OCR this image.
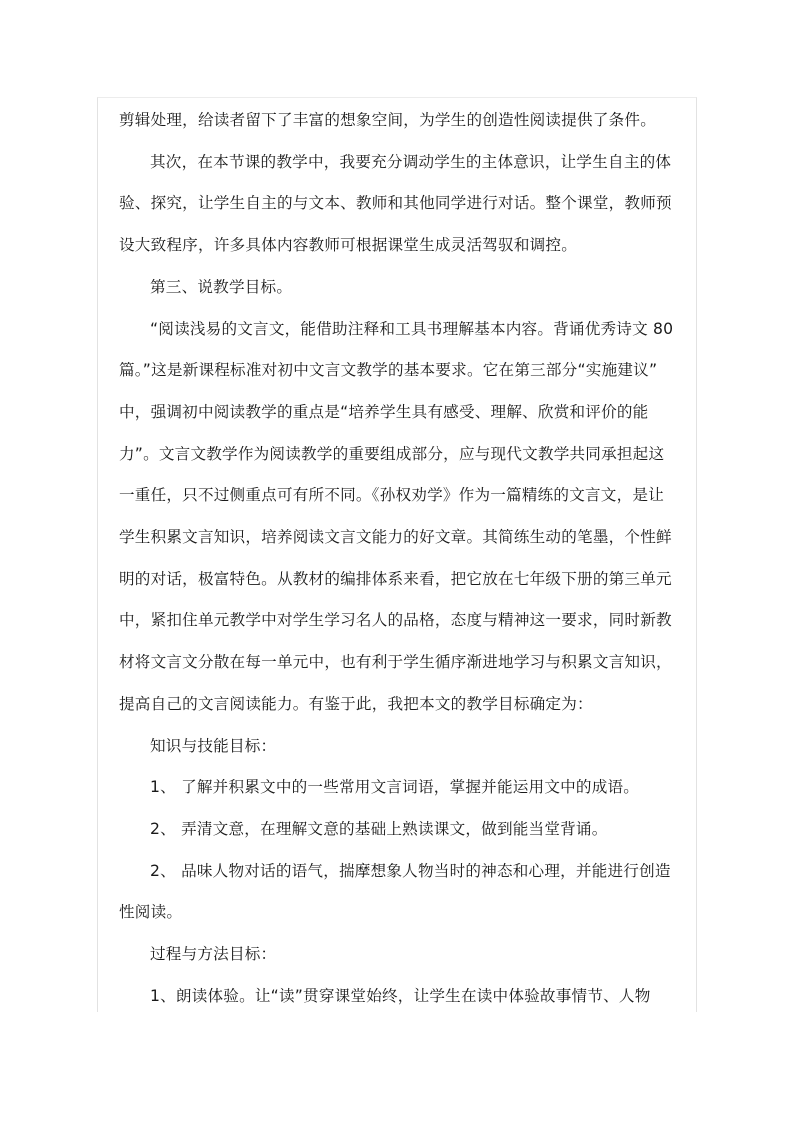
剪辑处理，给读者留下了丰富的想象空间，为学生的创造性阅读提供了条件。

其次，在本节课的教学中，我要充分调动学生的主体意识，让学生自主的体

验、探究，让学生自主的与文本、教师和其他同学进行对话。整个课堂，教师预

设大致程序，许多具体内容教师可根据课堂生成灵活驾驭和调控。

第三、说教学目标。

“阅读浅易的文言文，能借助注释和工具书理解基本内容。背诵优秀诗文 80

篇。”这是新课程标准对初中文言文教学的基本要求。它在第三部分“实施建议”

中，强调初中阅读教学的重点是“培养学生具有感受、理解、欣赏和评价的能

力”。文言文教学作为阅读教学的重要组成部分，应与现代文教学共同承担起这

一重任，只不过侧重点可有所不同。《孙权劝学》作为一篇精练的文言文，是让

学生积累文言知识，培养阅读文言文能力的好文章。其简练生动的笔墨，个性鲜

明的对话，极富特色。从教材的编排体系来看，把它放在七年级下册的第三单元

中，紧扣住单元教学中对学生学习名人的品格，态度与精神这一要求，同时新教

材将文言文分散在每一单元中，也有利于学生循序渐进地学习与积累文言知识，

提高自己的文言阅读能力。有鉴于此，我把本文的教学目标确定为：

知识与技能目标：

1、 了解并积累文中的一些常用文言词语，掌握并能运用文中的成语。

2、 弄清文意，在理解文意的基础上熟读课文，做到能当堂背诵。

2、 品味人物对话的语气，揣摩想象人物当时的神态和心理，并能进行创造

性阅读。

过程与方法目标：

1、朗读体验。让“读”贯穿课堂始终，让学生在读中体验故事情节、人物
